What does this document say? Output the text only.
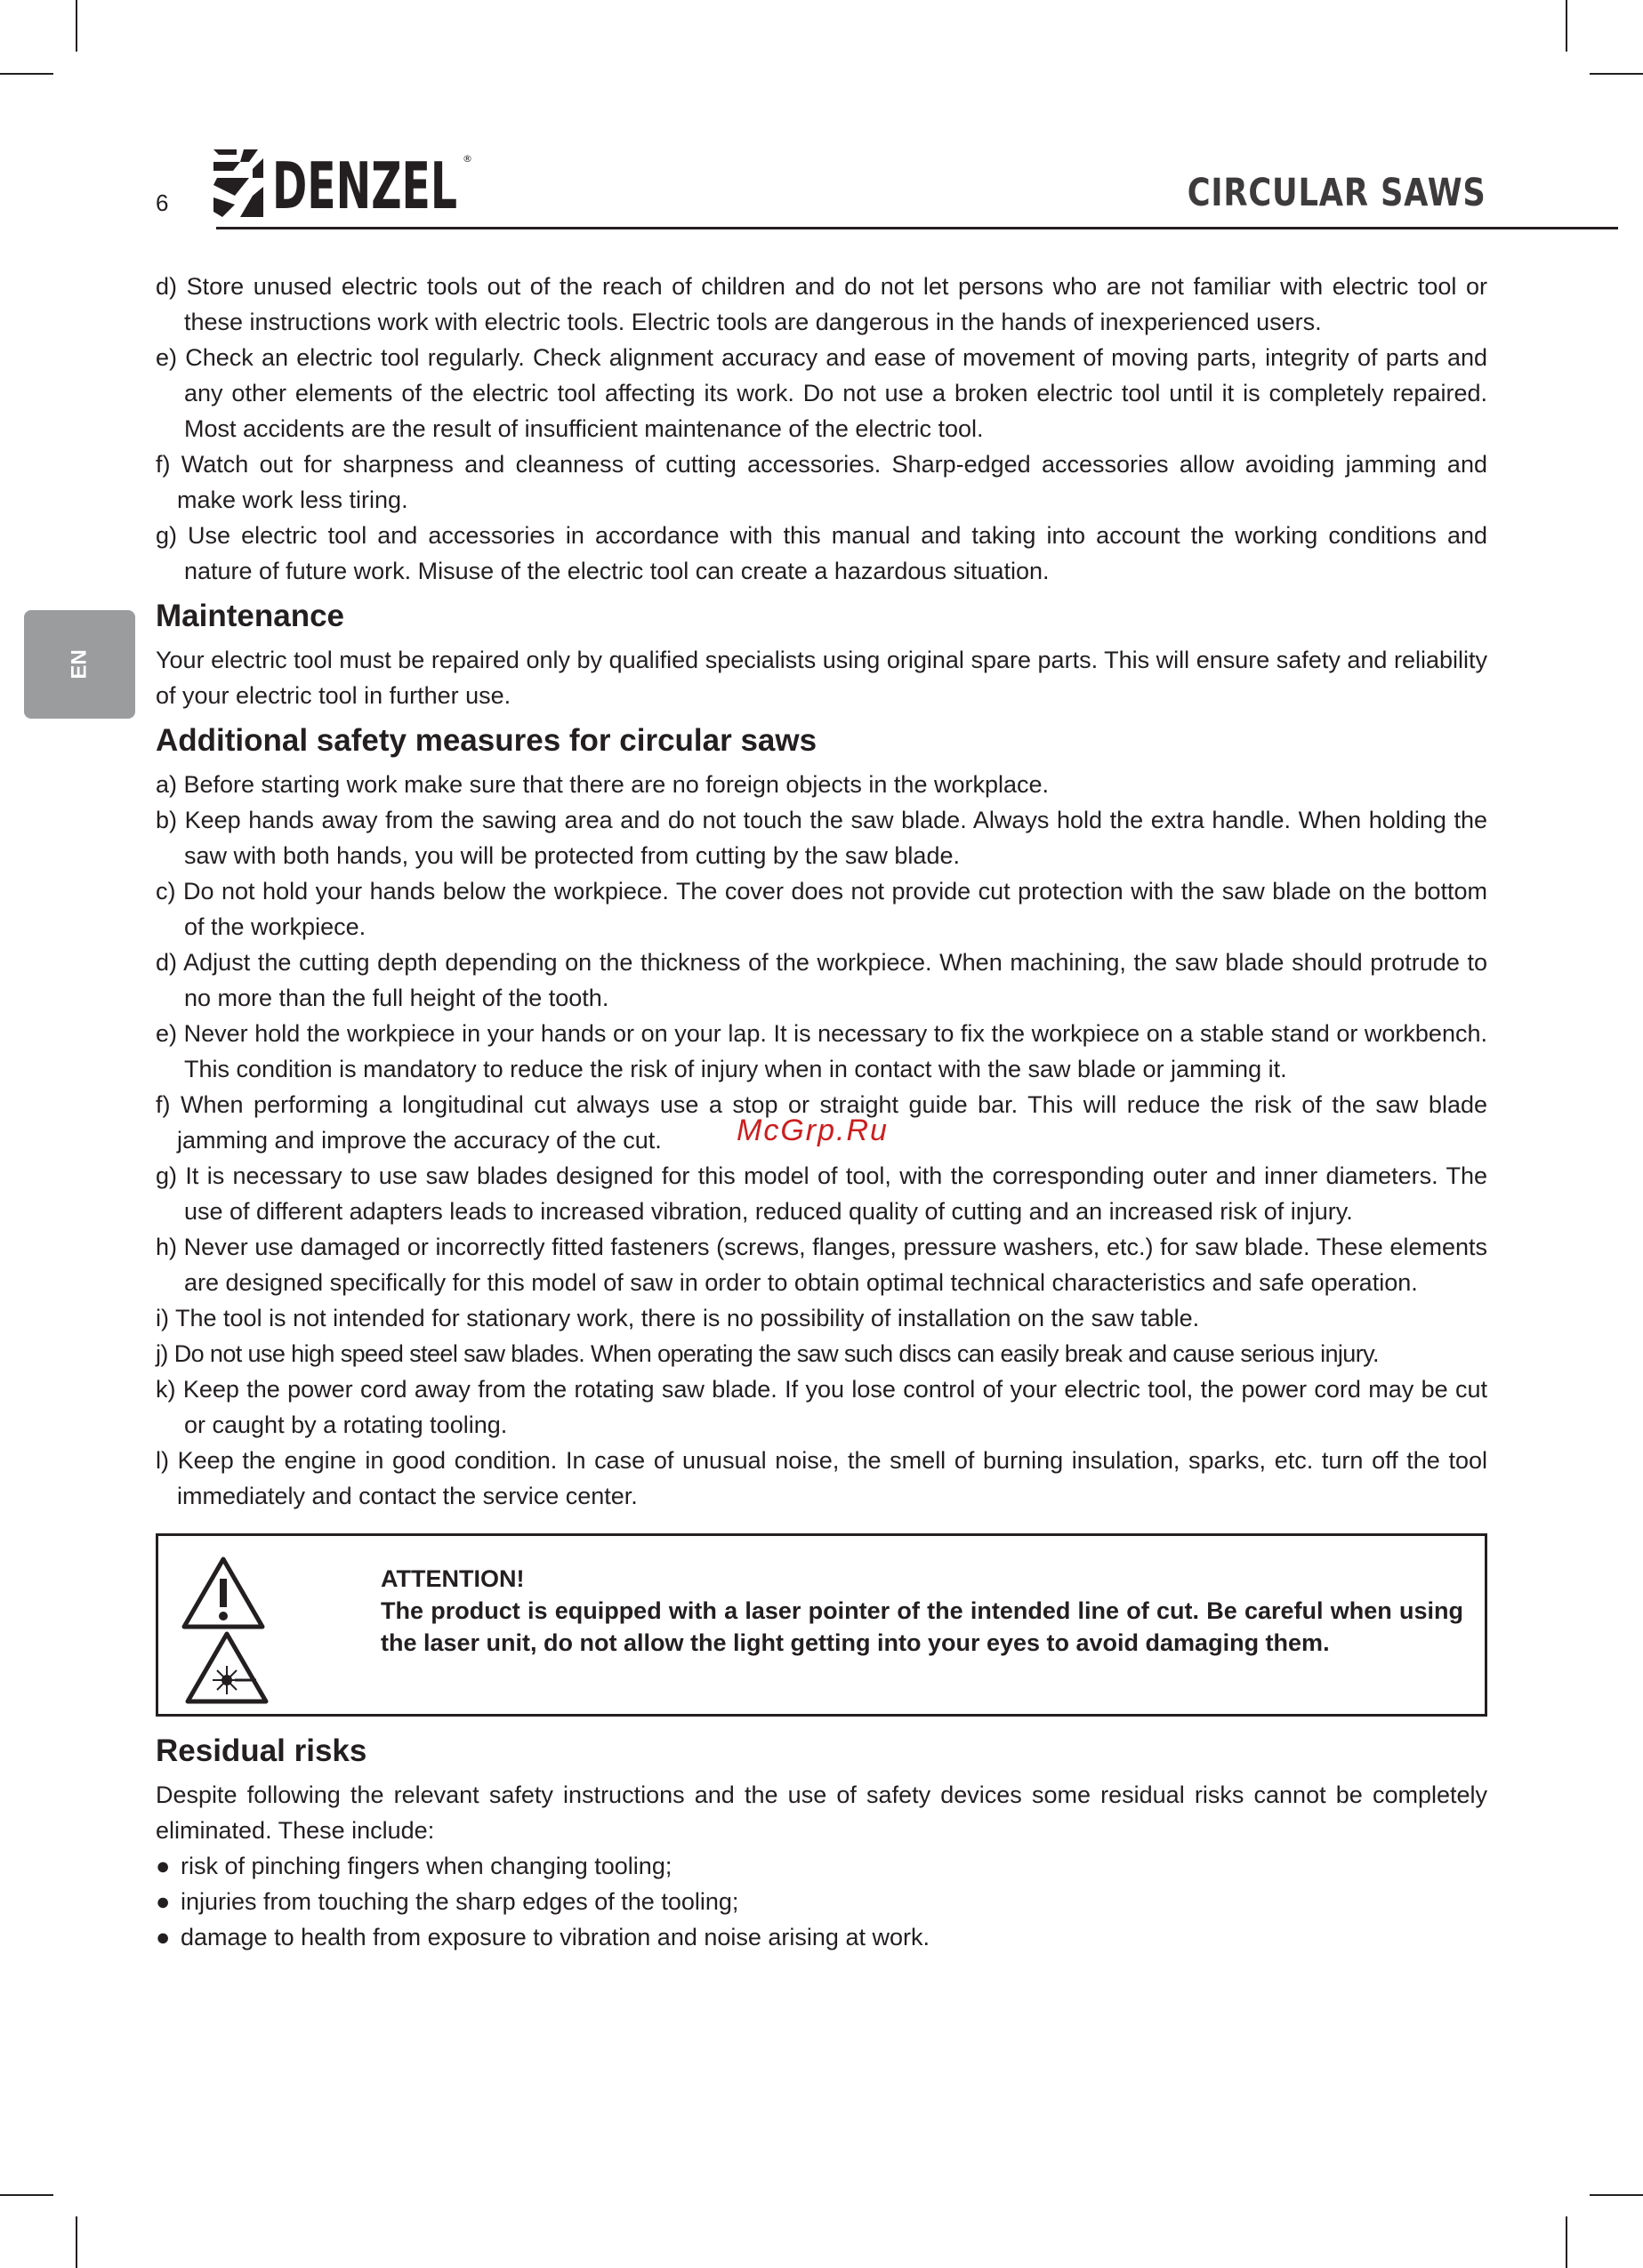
6 DENZEL ®
CIRCULAR SAWS
EN
McGrp.Ru

d) Store unused electric tools out of the reach of children and do not let persons who are not familiar with electric tool or these instructions work with electric tools. Electric tools are dangerous in the hands of inexperienced users.

e) Check an electric tool regularly. Check alignment accuracy and ease of movement of moving parts, integrity of parts and any other elements of the electric tool affecting its work. Do not use a broken electric tool until it is completely repaired. Most accidents are the result of insufficient maintenance of the electric tool.

f) Watch out for sharpness and cleanness of cutting accessories. Sharp-edged accessories allow avoiding jamming and make work less tiring.

g) Use electric tool and accessories in accordance with this manual and taking into account the working conditions and nature of future work. Misuse of the electric tool can create a hazardous situation.

Maintenance

Your electric tool must be repaired only by qualified specialists using original spare parts. This will ensure safety and reliability of your electric tool in further use.

Additional safety measures for circular saws

a) Before starting work make sure that there are no foreign objects in the workplace.

b) Keep hands away from the sawing area and do not touch the saw blade. Always hold the extra handle. When holding the saw with both hands, you will be protected from cutting by the saw blade.

c) Do not hold your hands below the workpiece. The cover does not provide cut protection with the saw blade on the bottom of the workpiece.

d) Adjust the cutting depth depending on the thickness of the workpiece. When machining, the saw blade should protrude to no more than the full height of the tooth.

e) Never hold the workpiece in your hands or on your lap. It is necessary to fix the workpiece on a stable stand or workbench. This condition is mandatory to reduce the risk of injury when in contact with the saw blade or jamming it.

f) When performing a longitudinal cut always use a stop or straight guide bar. This will reduce the risk of the saw blade jamming and improve the accuracy of the cut.

g) It is necessary to use saw blades designed for this model of tool, with the corresponding outer and inner diameters. The use of different adapters leads to increased vibration, reduced quality of cutting and an increased risk of injury.

h) Never use damaged or incorrectly fitted fasteners (screws, flanges, pressure washers, etc.) for saw blade. These elements are designed specifically for this model of saw in order to obtain optimal technical characteristics and safe operation.

i) The tool is not intended for stationary work, there is no possibility of installation on the saw table.

j) Do not use high speed steel saw blades. When operating the saw such discs can easily break and cause serious injury.

k) Keep the power cord away from the rotating saw blade. If you lose control of your electric tool, the power cord may be cut or caught by a rotating tooling.

l) Keep the engine in good condition. In case of unusual noise, the smell of burning insulation, sparks, etc. turn off the tool immediately and contact the service center.

ATTENTION!
The product is equipped with a laser pointer of the intended line of cut. Be careful when using the laser unit, do not allow the light getting into your eyes to avoid damaging them.

Residual risks

Despite following the relevant safety instructions and the use of safety devices some residual risks cannot be completely eliminated. These include:

● risk of pinching fingers when changing tooling;

● injuries from touching the sharp edges of the tooling;

● damage to health from exposure to vibration and noise arising at work.
